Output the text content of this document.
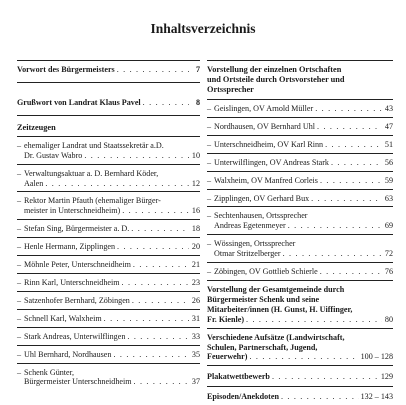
Inhaltsverzeichnis
Vorwort des Bürgermeisters . . .	7
Grußwort von Landrat Klaus Pavel . . .	8
Zeitzeugen
– ehemaliger Landrat und Staatssekretär a.D.
Dr. Gustav Wabro . . .	10
– Verwaltungsaktuar a. D. Bernhard Köder,
Aalen . . .	12
– Rektor Martin Pfauth (ehemaliger Bürger-
meister in Unterschneidheim) . . .	16
– Stefan Sing, Bürgermeister a. D. . . .	18
– Henle Hermann, Zipplingen . . .	20
– Möhnle Peter, Unterschneidheim . . .	21
– Rinn Karl, Unterschneidheim . . .	23
– Satzenhofer Bernhard, Zöbingen . . .	26
– Schnell Karl, Walxheim . . .	31
– Stark Andreas, Unterwilflingen . . .	33
– Uhl Bernhard, Nordhausen . . .	35
– Schenk Günter,
Bürgermeister Unterschneidheim . . .	37
Vorstellung der einzelnen Ortschaften
und Ortsteile durch Ortsvorsteher und
Ortssprecher
– Geislingen, OV Arnold Müller . . .	43
– Nordhausen, OV Bernhard Uhl . . .	47
– Unterschneidheim, OV Karl Rinn . . .	51
– Unterwilflingen, OV Andreas Stark . . .	56
– Walxheim, OV Manfred Corleis . . .	59
– Zipplingen, OV Gerhard Bux . . .	63
– Sechtenhausen, Ortssprecher
Andreas Egetenmeyer . . .	69
– Wössingen, Ortssprecher
Otmar Stritzelberger . . .	72
– Zöbingen, OV Gottlieb Schierle . . .	76
Vorstellung der Gesamtgemeinde durch
Bürgermeister Schenk und seine
Mitarbeiter/innen (H. Gunst, H. Uiffinger,
Fr. Kienle) . . .	80
Verschiedene Aufsätze (Landwirtschaft,
Schulen, Partnerschaft, Jugend,
Feuerwehr) . . .	100 – 128
Plakatwettbewerb . . .	129
Episoden/Anekdoten . . .	132 – 143
